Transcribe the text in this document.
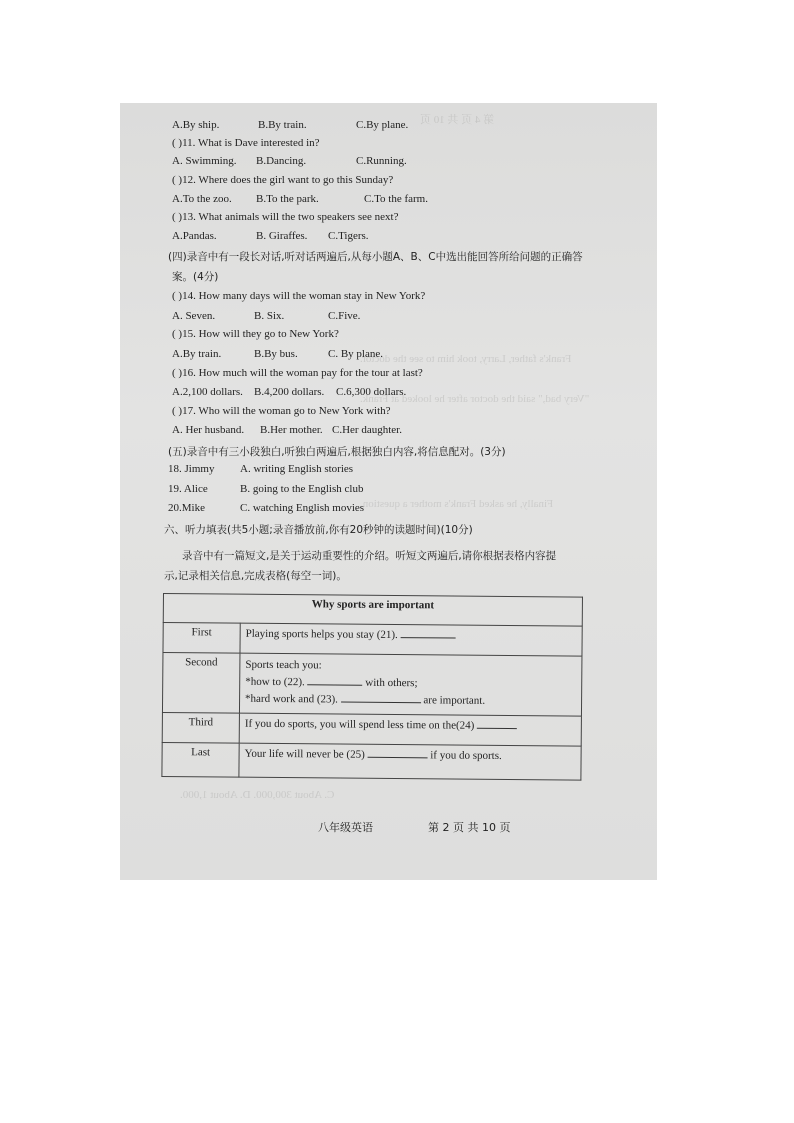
第 4 页 共 10 页
Frank's father, Larry, took him to see the doctor.
"Very bad," said the doctor after he looked at Frank.
Finally, he asked Frank's mother a question.
C. About 300,000. D. About 1,000.
A.By ship.	B.By train.	C.By plane.
( )11. What is Dave interested in?
A. Swimming. B.Dancing.	C.Running.
( )12. Where does the girl want to go this Sunday?
A.To the zoo. B.To the park.	C.To the farm.
( )13. What animals will the two speakers see next?
A.Pandas.	B. Giraffes. C.Tigers.
(四)录音中有一段长对话,听对话两遍后,从每小题A、B、C中选出能回答所给问题的正确答
案。(4分)
( )14. How many days will the woman stay in New York?
A. Seven.	B. Six.	C.Five.
( )15. How will they go to New York?
A.By train.	B.By bus.	C. By plane.
( )16. How much will the woman pay for the tour at last?
A.2,100 dollars. B.4,200 dollars. C.6,300 dollars.
( )17. Who will the woman go to New York with?
A. Her husband. B.Her mother. C.Her daughter.
(五)录音中有三小段独白,听独白两遍后,根据独白内容,将信息配对。(3分)
18. Jimmy A. writing English stories
19. Alice	B. going to the English club
20.Mike	C. watching English movies
六、听力填表(共5小题;录音播放前,你有20秒钟的读题时间)(10分)
录音中有一篇短文,是关于运动重要性的介绍。听短文两遍后,请你根据表格内容提
示,记录相关信息,完成表格(每空一词)。
Why sports are important	
First	Playing sports helps you stay (21).
Second	Sports teach you:
*how to (22). with others;
*hard work and (23). are important.

Third	If you do sports, you will spend less time on the(24)
Last	Your life will never be (25) if you do sports.
八年级英语	第 2 页 共 10 页
